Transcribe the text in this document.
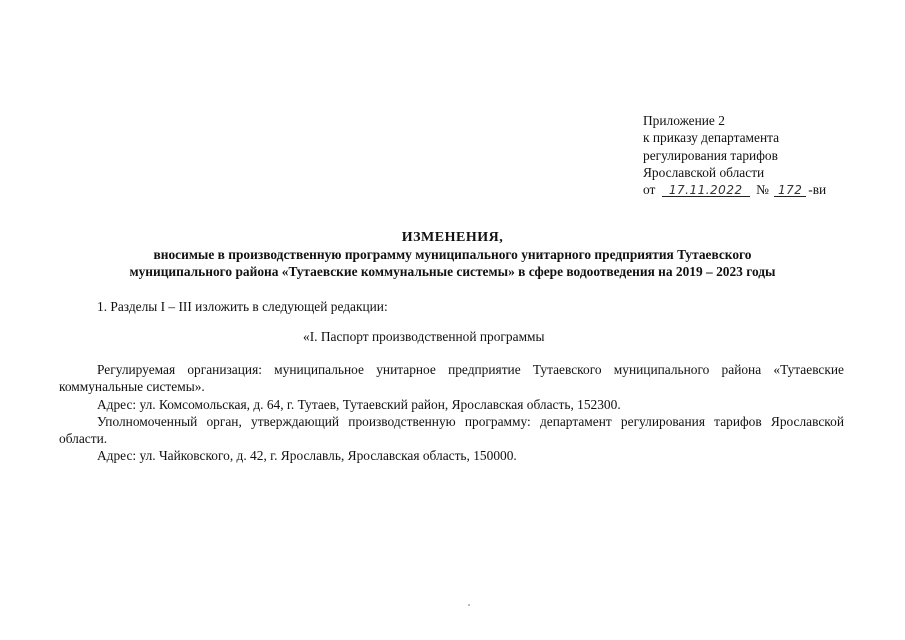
Приложение 2
к приказу департамента
регулирования тарифов
Ярославской области
от 17.11.2022 № 172 -ви
ИЗМЕНЕНИЯ,
вносимые в производственную программу муниципального унитарного предприятия Тутаевского
муниципального района «Тутаевские коммунальные системы» в сфере водоотведения на 2019 – 2023 годы
1. Разделы I – III изложить в следующей редакции:
«I. Паспорт производственной программы
Регулируемая организация: муниципальное унитарное предприятие Тутаевского муниципального района «Тутаевские коммунальные системы».
Адрес: ул. Комсомольская, д. 64, г. Тутаев, Тутаевский район, Ярославская область, 152300.
Уполномоченный орган, утверждающий производственную программу: департамент регулирования тарифов Ярославской области.
Адрес: ул. Чайковского, д. 42, г. Ярославль, Ярославская область, 150000.
